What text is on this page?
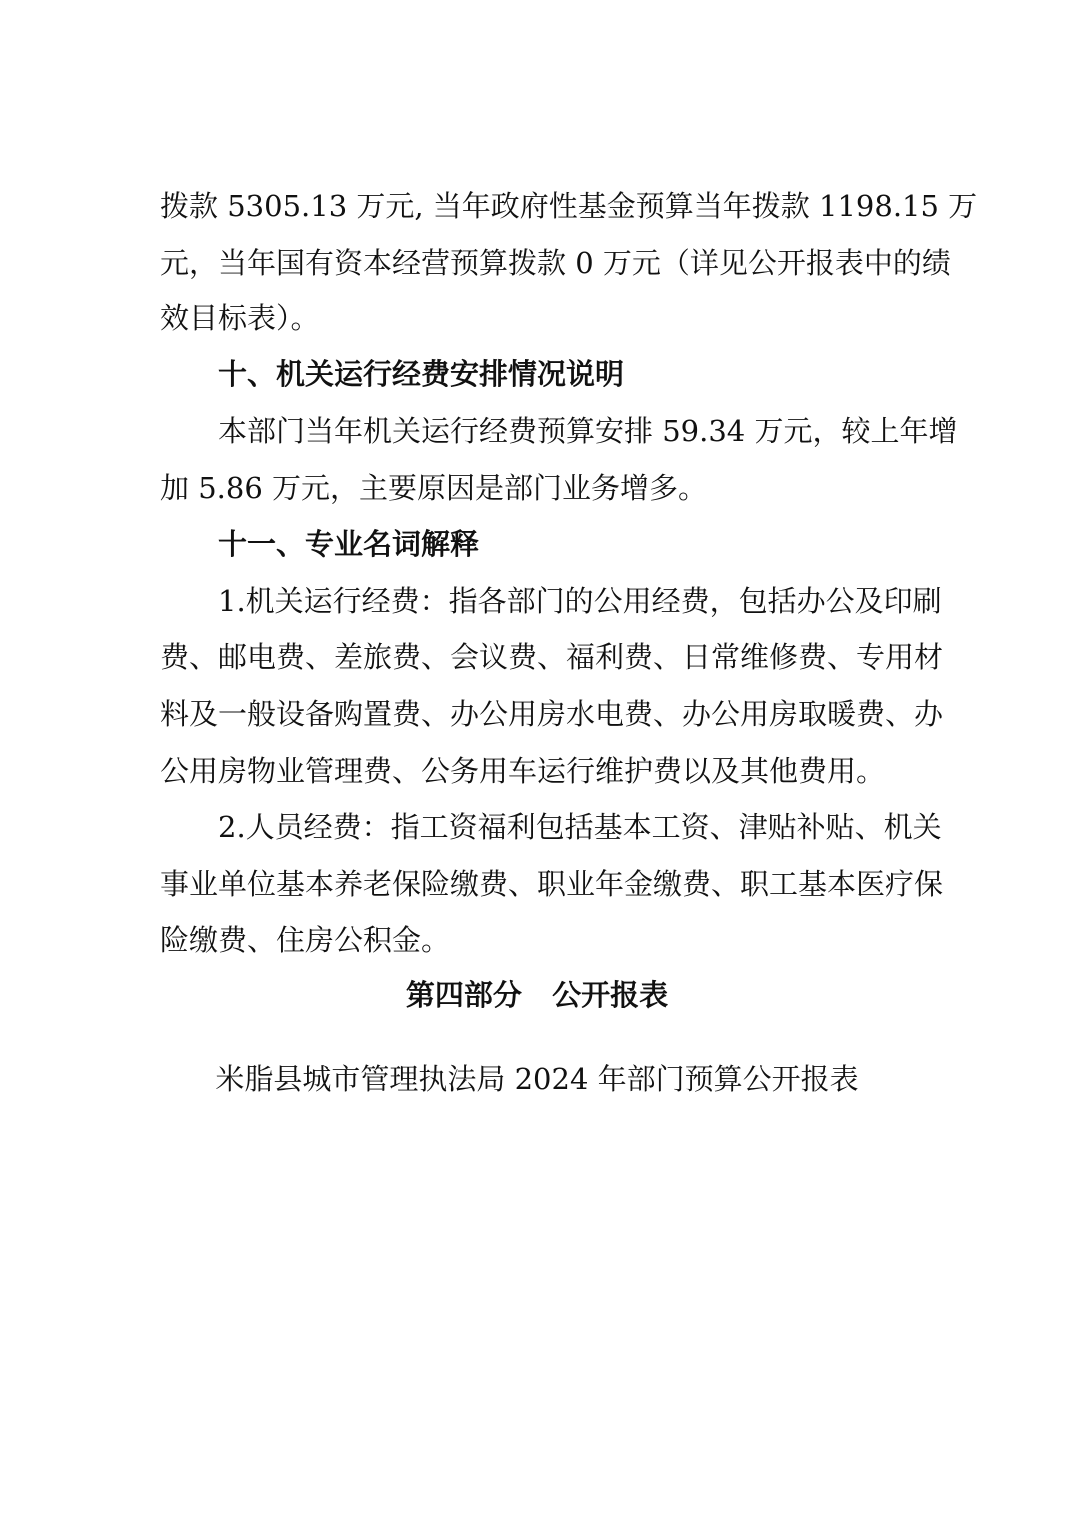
拨款 5305.13 万元, 当年政府性基金预算当年拨款 1198.15 万
元，当年国有资本经营预算拨款 0 万元（详见公开报表中的绩
效目标表）。
十、机关运行经费安排情况说明
本部门当年机关运行经费预算安排 59.34 万元，较上年增
加 5.86 万元，主要原因是部门业务增多。
十一、专业名词解释
1.机关运行经费：指各部门的公用经费，包括办公及印刷
费、邮电费、差旅费、会议费、福利费、日常维修费、专用材
料及一般设备购置费、办公用房水电费、办公用房取暖费、办
公用房物业管理费、公务用车运行维护费以及其他费用。
2.人员经费：指工资福利包括基本工资、津贴补贴、机关
事业单位基本养老保险缴费、职业年金缴费、职工基本医疗保
险缴费、住房公积金。
第四部分   公开报表
米脂县城市管理执法局 2024 年部门预算公开报表
